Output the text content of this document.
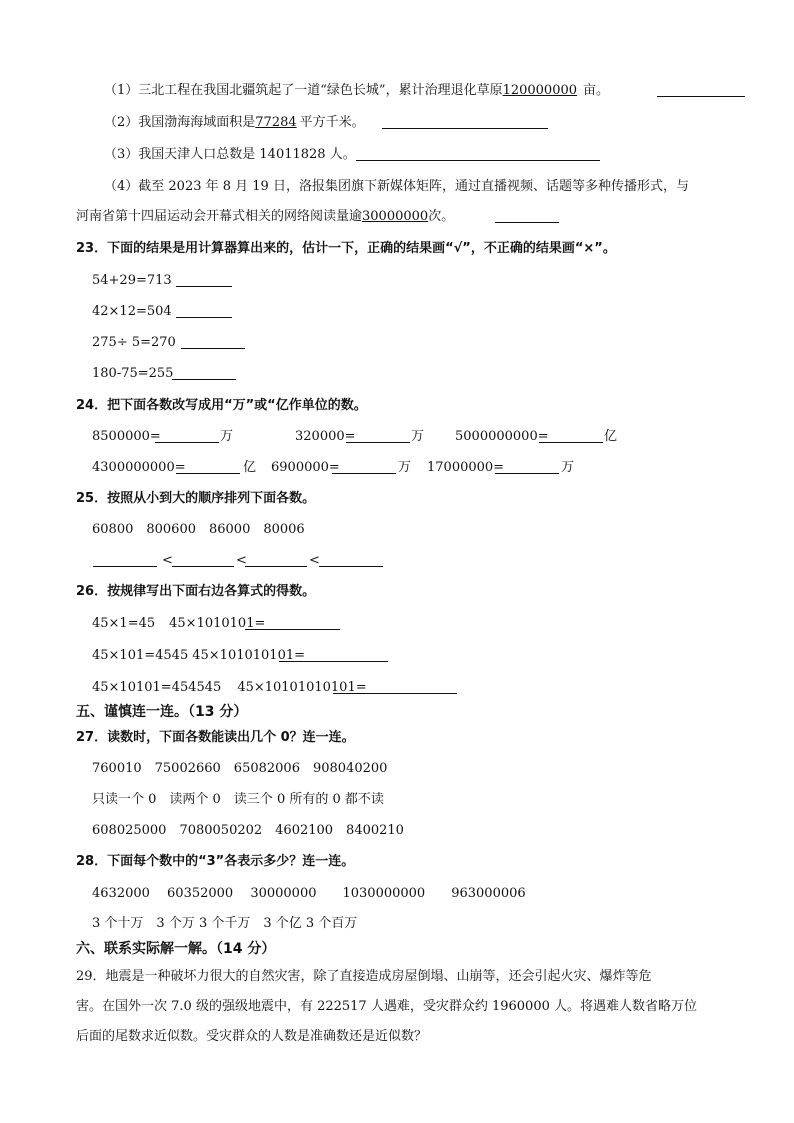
（1）三北工程在我国北疆筑起了一道“绿色长城”，累计治理退化草原120000000 亩。
（2）我国渤海海域面积是77284 平方千米。
（3）我国天津人口总数是 14011828 人。
（4）截至 2023 年 8 月 19 日，洛报集团旗下新媒体矩阵，通过直播视频、话题等多种传播形式，与
河南省第十四届运动会开幕式相关的网络阅读量逾30000000次。
23．下面的结果是用计算器算出来的，估计一下，正确的结果画“√”，不正确的结果画“×”。
54+29=713
42×12=504
275÷ 5=270
180-75=255
24．把下面各数改写成用“万”或“亿作单位的数。
8500000=	万	320000=	万 5000000000=	亿
4300000000=	亿 6900000=	万 17000000=	万
25．按照从小到大的顺序排列下面各数。
60800　800600　86000　80006
<	<	<
26．按规律写出下面右边各算式的得数。
45×1=45 45×1010101=
45×101=4545 45×101010101=
45×10101=454545 45×10101010101=
五、谨慎连一连。（13 分）
27．读数时，下面各数能读出几个 0？连一连。
760010　75002660　65082006　908040200
只读一个 0　读两个 0　读三个 0 所有的 0 都不读
608025000　7080050202　4602100　8400210
28．下面每个数中的“3”各表示多少？连一连。
4632000　 60352000　 30000000　　1030000000　　963000006
3 个十万　3 个万 3 个千万　3 个亿 3 个百万
六、联系实际解一解。（14 分）
29．地震是一种破坏力很大的自然灾害，除了直接造成房屋倒塌、山崩等，还会引起火灾、爆炸等危
害。在国外一次 7.0 级的强级地震中，有 222517 人遇难，受灾群众约 1960000 人。将遇难人数省略万位
后面的尾数求近似数。受灾群众的人数是准确数还是近似数？
